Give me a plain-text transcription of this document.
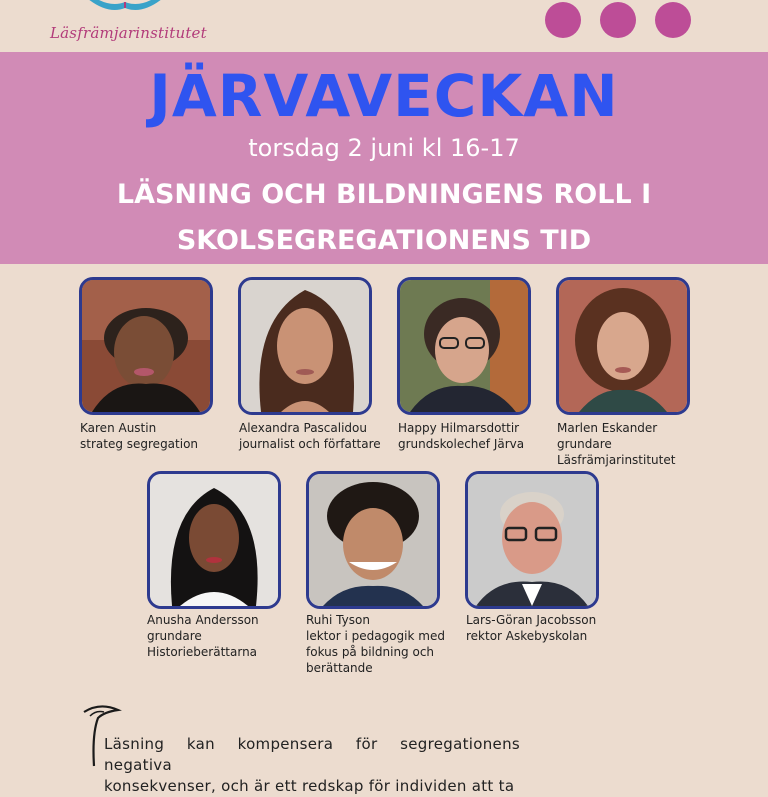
Läsfrämjarinstitutet
JÄRVAVECKAN
torsdag 2 juni kl 16-17
LÄSNING OCH BILDNINGENS ROLL I
SKOLSEGREGATIONENS TID
Karen Austin
strateg segregation
Alexandra Pascalidou
journalist och författare
Happy Hilmarsdottir
grundskolechef Järva
Marlen Eskander
grundare
Läsfrämjarinstitutet
Anusha Andersson
grundare
Historieberättarna
Ruhi Tyson
lektor i pedagogik med
fokus på bildning och
berättande
Lars-Göran Jacobsson
rektor Askebyskolan
Läsning kan kompensera för segregationens negativa
konsekvenser, och är ett redskap för individen att ta
